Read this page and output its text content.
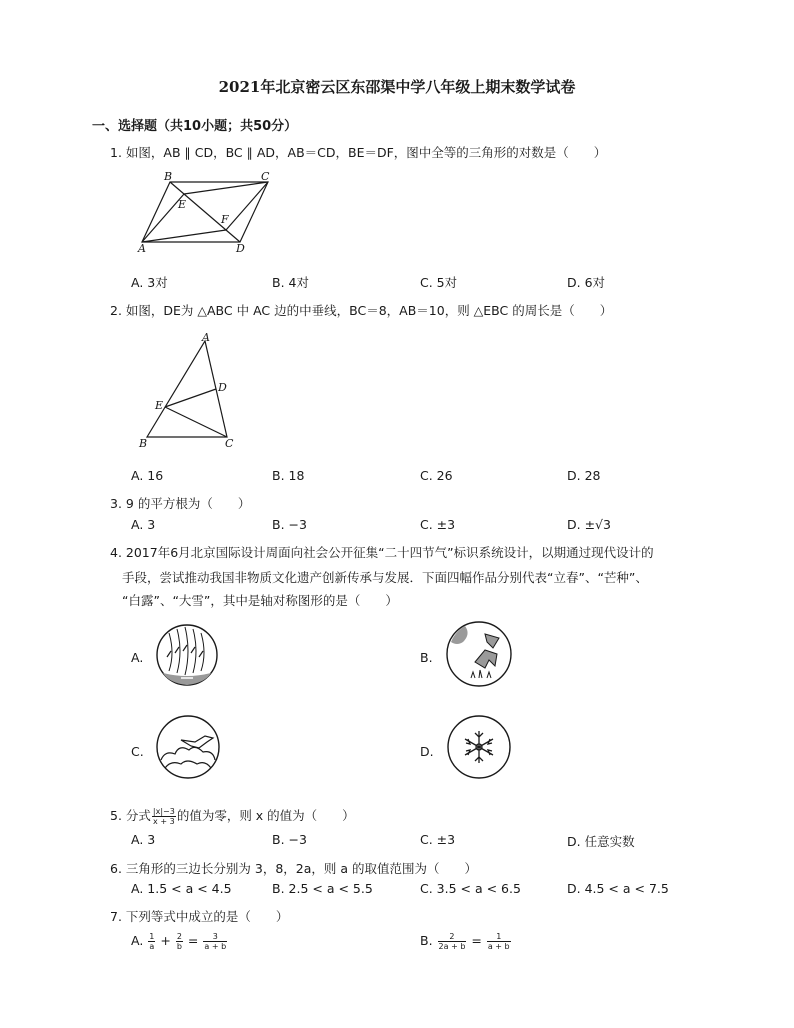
2021年北京密云区东邵渠中学八年级上期末数学试卷
一、选择题（共10小题；共50分）
1. 如图，AB ∥ CD，BC ∥ AD，AB＝CD，BE＝DF，图中全等的三角形的对数是（　　）
B	C
E
F
A	D
A. 3对	B. 4对	C. 5对	D. 6对
2. 如图，DE为 △ABC 中 AC 边的中垂线，BC＝8，AB＝10，则 △EBC 的周长是（　　）
A
D
E
B	C
A. 16	B. 18	C. 26	D. 28
3. 9 的平方根为（　　）
A. 3	B. −3	C. ±3	D. ±√3
4. 2017年6月北京国际设计周面向社会公开征集“二十四节气”标识系统设计，以期通过现代设计的
手段，尝试推动我国非物质文化遗产创新传承与发展．下面四幅作品分别代表“立春”、“芒种”、
“白露”、“大雪”，其中是轴对称图形的是（　　）
A.	B.
C.	D.
5. 分式 $\frac{|x|-3}{x + 3}$ 的值为零，则 x 的值为（　　）
A. 3	B. −3	C. ±3	D. 任意实数
6. 三角形的三边长分别为 3，8，2a，则 a 的取值范围为（　　）
A. 1.5 < a < 4.5	B. 2.5 < a < 5.5	C. 3.5 < a < 6.5	D. 4.5 < a < 7.5
7. 下列等式中成立的是（　　）
A. $\frac{1}{a} + \frac{2}{b} = \frac{3}{a + b}$	B. $\frac{2}{2a + b} = \frac{1}{a + b}$
